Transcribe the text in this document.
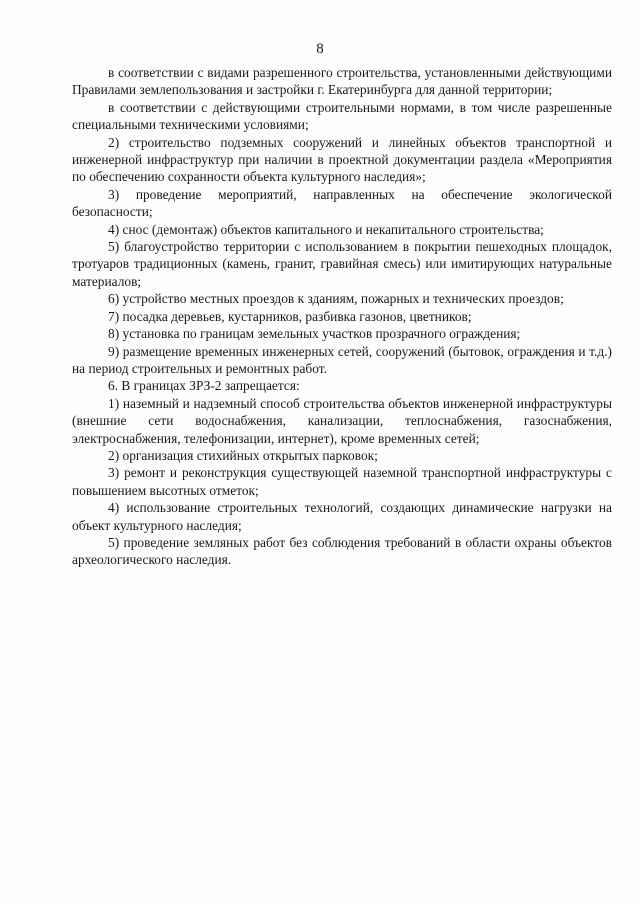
8

в соответствии с видами разрешенного строительства, установленными действующими Правилами землепользования и застройки г. Екатеринбурга для данной территории;

в соответствии с действующими строительными нормами, в том числе разрешенные специальными техническими условиями;

2) строительство подземных сооружений и линейных объектов транспортной и инженерной инфраструктур при наличии в проектной документации раздела «Мероприятия по обеспечению сохранности объекта культурного наследия»;

3) проведение мероприятий, направленных на обеспечение экологической безопасности;

4) снос (демонтаж) объектов капитального и некапитального строительства;

5) благоустройство территории с использованием в покрытии пешеходных площадок, тротуаров традиционных (камень, гранит, гравийная смесь) или имитирующих натуральные материалов;

6) устройство местных проездов к зданиям, пожарных и технических проездов;

7) посадка деревьев, кустарников, разбивка газонов, цветников;

8) установка по границам земельных участков прозрачного ограждения;

9) размещение временных инженерных сетей, сооружений (бытовок, ограждения и т.д.) на период строительных и ремонтных работ.

6. В границах ЗРЗ-2 запрещается:

1) наземный и надземный способ строительства объектов инженерной инфраструктуры (внешние сети водоснабжения, канализации, теплоснабжения, газоснабжения, электроснабжения, телефонизации, интернет), кроме временных сетей;

2) организация стихийных открытых парковок;

3) ремонт и реконструкция существующей наземной транспортной инфраструктуры с повышением высотных отметок;

4) использование строительных технологий, создающих динамические нагрузки на объект культурного наследия;

5) проведение земляных работ без соблюдения требований в области охраны объектов археологического наследия.
